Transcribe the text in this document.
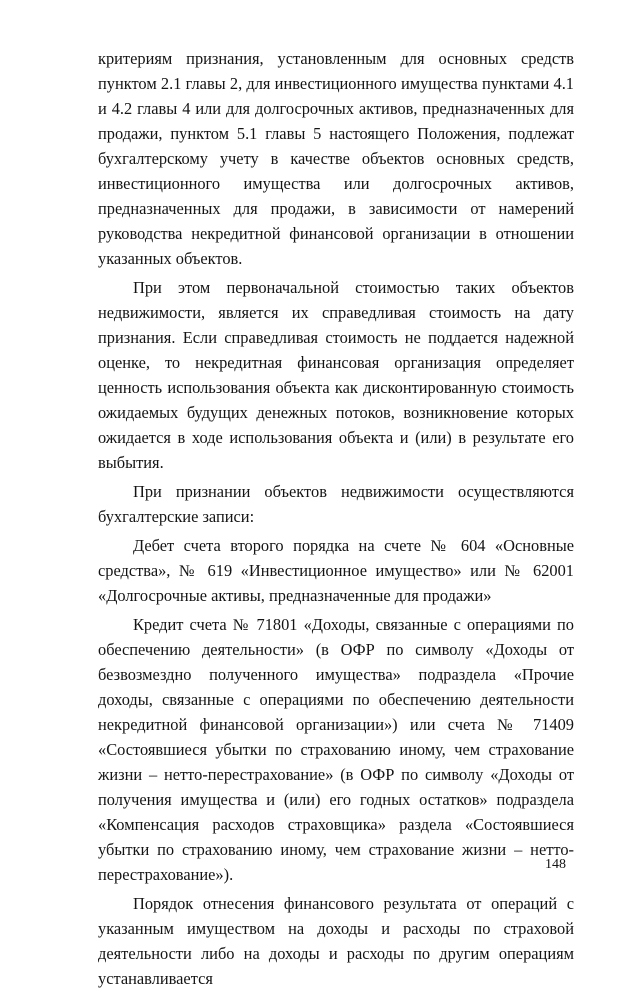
критериям признания, установленным для основных средств пунктом 2.1 главы 2, для инвестиционного имущества пунктами 4.1 и 4.2 главы 4 или для долгосрочных активов, предназначенных для продажи, пунктом 5.1 главы 5 настоящего Положения, подлежат бухгалтерскому учету в качестве объектов основных средств, инвестиционного имущества или долгосрочных активов, предназначенных для продажи, в зависимости от намерений руководства некредитной финансовой организации в отношении указанных объектов.

При этом первоначальной стоимостью таких объектов недвижимости, является их справедливая стоимость на дату признания. Если справедливая стоимость не поддается надежной оценке, то некредитная финансовая организация определяет ценность использования объекта как дисконтированную стоимость ожидаемых будущих денежных потоков, возникновение которых ожидается в ходе использования объекта и (или) в результате его выбытия.

При признании объектов недвижимости осуществляются бухгалтерские записи:

Дебет счета второго порядка на счете № 604 «Основные средства», № 619 «Инвестиционное имущество» или № 62001 «Долгосрочные активы, предназначенные для продажи»

Кредит счета № 71801 «Доходы, связанные с операциями по обеспечению деятельности» (в ОФР по символу «Доходы от безвозмездно полученного имущества» подраздела «Прочие доходы, связанные с операциями по обеспечению деятельности некредитной финансовой организации») или счета № 71409 «Состоявшиеся убытки по страхованию иному, чем страхование жизни – нетто-перестрахование» (в ОФР по символу «Доходы от получения имущества и (или) его годных остатков» подраздела «Компенсация расходов страховщика» раздела «Состоявшиеся убытки по страхованию иному, чем страхование жизни – нетто-перестрахование»).

Порядок отнесения финансового результата от операций с указанным имуществом на доходы и расходы по страховой деятельности либо на доходы и расходы по другим операциям устанавливается

148
